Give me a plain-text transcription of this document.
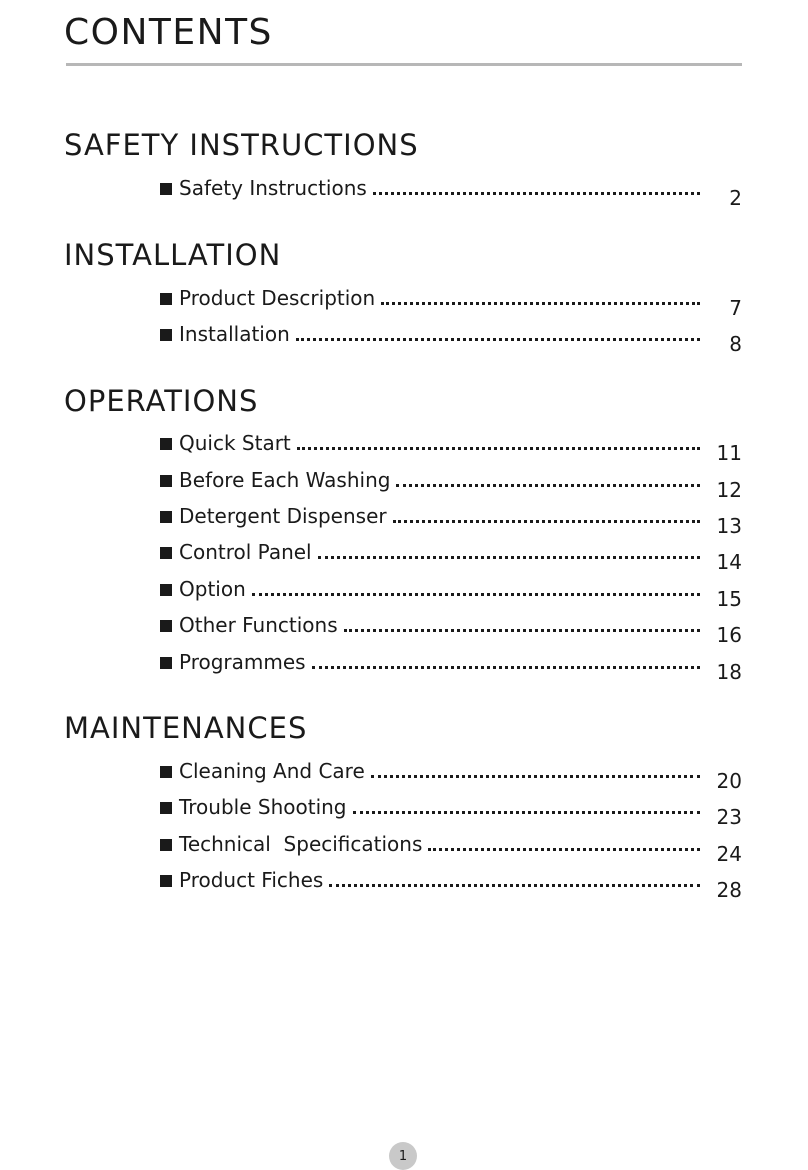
CONTENTS
SAFETY INSTRUCTIONS
Safety Instructions	2
INSTALLATION
Product Description	7
Installation	8
OPERATIONS
Quick Start	11
Before Each Washing	12
Detergent Dispenser	13
Control Panel	14
Option	15
Other Functions	16
Programmes	18
MAINTENANCES
Cleaning And Care	20
Trouble Shooting	23
Technical  Specifications	24
Product Fiches	28
1
